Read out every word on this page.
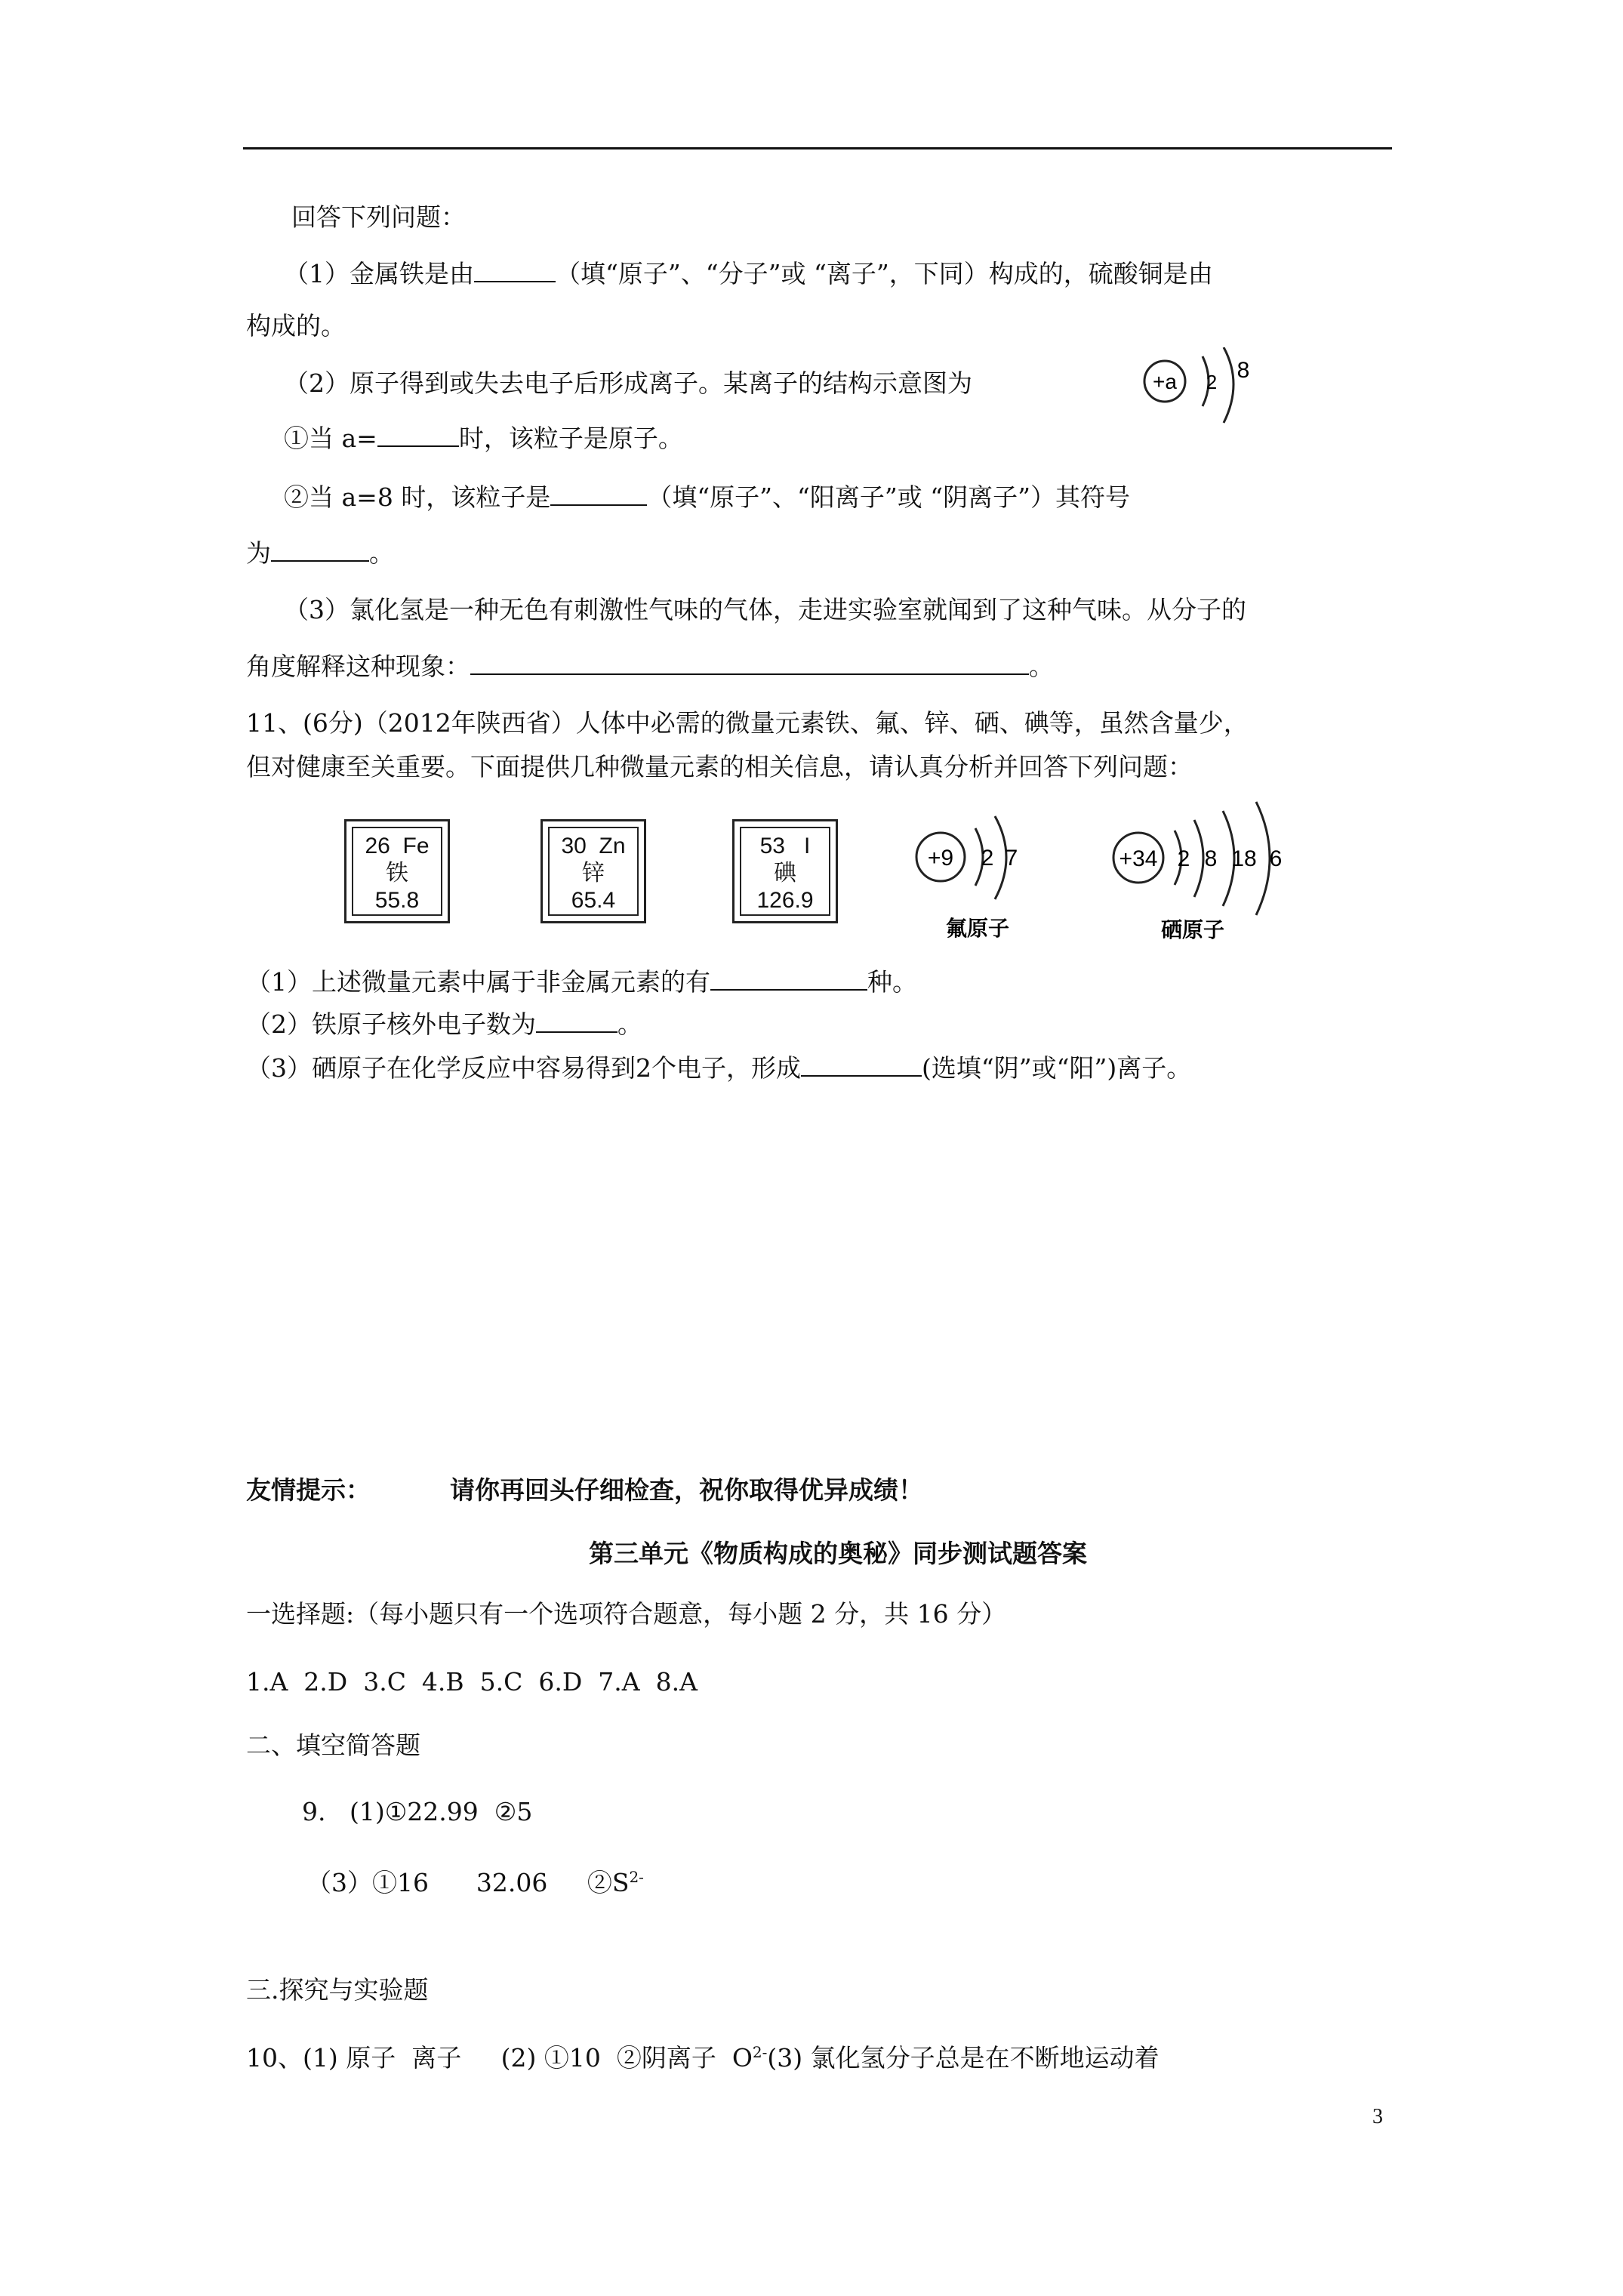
回答下列问题：
（1）金属铁是由	（填“原子”、“分子”或 “离子”，下同）构成的，硫酸铜是由
构成的。
（2）原子得到或失去电子后形成离子。某离子的结构示意图为	+a 2 8
①当 a=	时，该粒子是原子。
②当 a=8 时，该粒子是	（填“原子”、“阳离子”或 “阴离子”）其符号
为	。
（3）氯化氢是一种无色有刺激性气味的气体，走进实验室就闻到了这种气味。从分子的
角度解释这种现象：	。
11、(6分)（2012年陕西省）人体中必需的微量元素铁、氟、锌、硒、碘等，虽然含量少，
但对健康至关重要。下面提供几种微量元素的相关信息，请认真分析并回答下列问题：
26 Fe
铁
55.8
30 Zn
锌
65.4
53 I
碘
126.9
+9 2 7
氟原子
+34 2 8 18 6
硒原子
（1）上述微量元素中属于非金属元素的有	种。
（2）铁原子核外电子数为	。
（3）硒原子在化学反应中容易得到2个电子，形成	(选填“阴”或“阳”)离子。
友情提示：	请你再回头仔细检查，祝你取得优异成绩！
第三单元《物质构成的奥秘》同步测试题答案
一选择题:（每小题只有一个选项符合题意，每小题 2 分，共 16 分）
1.A  2.D  3.C  4.B  5.C  6.D  7.A  8.A
二、填空简答题
9.   (1)①22.99  ②5
（3）①16      32.06     $②S^{2-}$
三.探究与实验题
10、(1) 原子  离子     (2) ①10  ②阴离子  $O^{2-}(3)$ 氯化氢分子总是在不断地运动着
3
